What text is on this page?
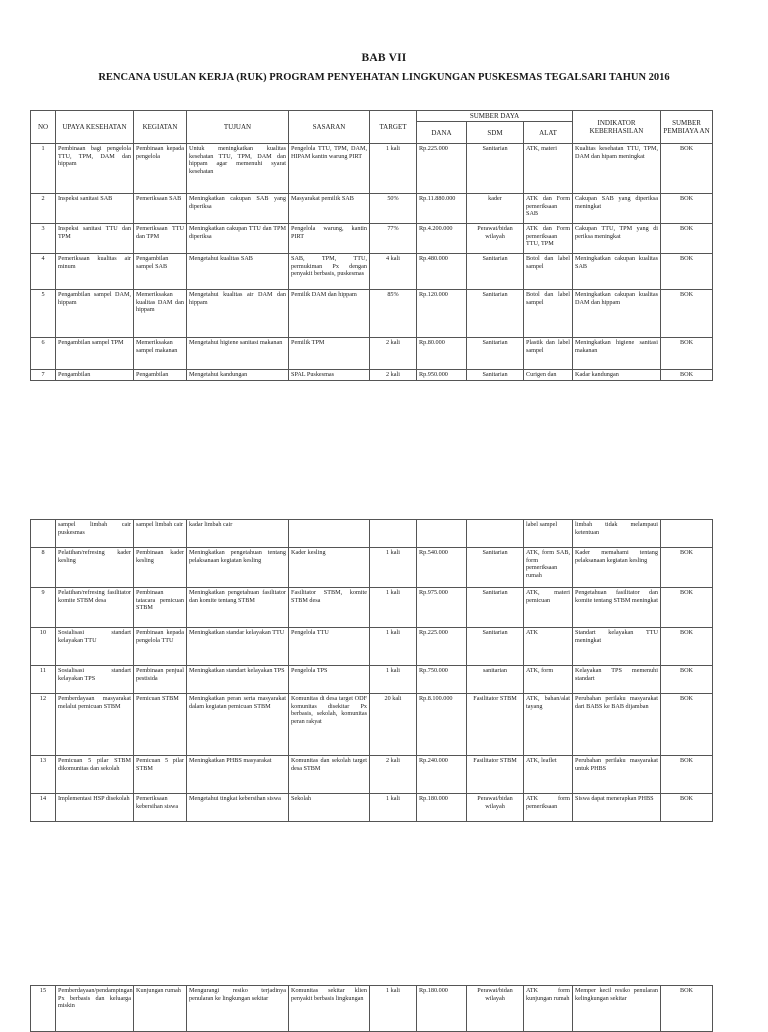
BAB VII
RENCANA USULAN KERJA (RUK) PROGRAM PENYEHATAN LINGKUNGAN PUSKESMAS TEGALSARI TAHUN 2016
NO	UPAYA KESEHATAN	KEGIATAN	TUJUAN	SASARAN	TARGET	SUMBER DAYA			INDIKATOR KEBERHASILAN	SUMBER PEMBIAYA AN
						DANA	SDM	ALAT		
1	Pembinaan bagi pengelola TTU, TPM, DAM dan hippam	Pembinaan kepada pengelola	Untuk meningkatkan kualitas kesehatan TTU, TPM, DAM dan hippam agar memenuhi syarat kesehatan	Pengelola TTU, TPM, DAM, HIPAM kantin warung PIRT	1 kali	Rp.225.000	Sanitarian	ATK, materi	Kualitas kesehatan TTU, TPM, DAM dan hipam meningkat	BOK
2	Inspeksi sanitasi SAB	Pemeriksaan SAB	Meningkatkan cakupan SAB yang diperiksa	Masyarakat pemilik SAB	50%	Rp.11.880.000	kader	ATK dan Form pemeriksaan SAB	Cakupan SAB yang diperiksa meningkat	BOK
3	Inspeksi sanitasi TTU dan TPM	Pemeriksaan TTU dan TPM	Meningkatkan cakupan TTU dan TPM diperiksa	Pengelola warung, kantin PIRT	77%	Rp.4.200.000	Perawat/bidan wilayah	ATK dan Form pemeriksaan TTU, TPM	Cakupan TTU, TPM yang di periksa meningkat	BOK
4	Pemeriksaan kualitas air minum	Pengambilan sampel SAB	Mengetahui kualitas SAB	SAB, TPM, TTU, permukiman Px dengan penyakit berbasis, puskesmas	4 kali	Rp.480.000	Sanitarian	Botol dan label sampel	Meningkatkan cakupan kualitas SAB	BOK
5	Pengambilan sampel DAM, hippam	Memeriksakan kualitas DAM dan hippam	Mengetahui kualitas air DAM dan hippam	Pemilik DAM dan hippam	85%	Rp.120.000	Sanitarian	Botol dan label sampel	Meningkatkan cakupan kualitas DAM dan hippam	BOK
6	Pengambilan sampel TPM	Memeriksakan sampel makanan	Mengetahui higiene sanitasi makanan	Pemilik TPM	2 kali	Rp.80.000	Sanitarian	Plastik dan label sampel	Meningkatkan higiene sanitasi makanan	BOK
7	Pengambilan	Pengambilan	Mengetahui kandungan	SPAL Puskesmas	2 kali	Rp.950.000	Sanitarian	Curigen dan	Kadar kandungan	BOK
	sampel limbah cair puskesmas	sampel limbah cair	kadar limbah cair					label sampel	limbah tidak melampaui ketentuan	
8	Pelatihan/refresing kader kesling	Pembinaan kader kesling	Meningkatkan pengetahuan tentang pelaksanaan kegiatan kesling	Kader kesling	1 kali	Rp.540.000	Sanitarian	ATK, form SAB, form pemeriksaan rumah	Kader memahami tentang pelaksanaan kegiatan kesling	BOK
9	Pelatihan/refresing fasilitator komite STBM desa	Pembinaan tatacara pemicuan STBM	Meningkatkan pengetahuan fasilitator dan komite tentang STBM	Fasilitator STBM, komite STBM desa	1 kali	Rp.975.000	Sanitarian	ATK, materi pemicuan	Pengetahuan fasilitator dan komite tentang STBM meningkat	BOK
10	Sosialisasi standart kelayakan TTU	Pembinaan kepada pengelola TTU	Meningkatkan standar kelayakan TTU	Pengelola TTU	1 kali	Rp.225.000	Sanitarian	ATK	Standart kelayakan TTU meningkat	BOK
11	Sosialisasi standart kelayakan TPS	Pembinaan penjual pestisida	Meningkatkan standart kelayakan TPS	Pengelola TPS	1 kali	Rp.750.000	sanitarian	ATK, form	Kelayakan TPS memenuhi standart	BOK
12	Pemberdayaan masyarakat melalui pemicuan STBM	Pemicuan STBM	Meningkatkan peran serta masyarakat dalam kegiatan pemicuan STBM	Komunitas di desa target ODF komunitas disekitar Px berbasis, sekolah, komunitas peran rakyat	20 kali	Rp.8.100.000	Fasilitator STBM	ATK, bahan/alat tayang	Perubahan perilaku masyarakat dari BABS ke BAB dijamban	BOK
13	Pemicuan 5 pilar STBM dikomunitas dan sekolah	Pemicuan 5 pilar STBM	Meningkatkan PHBS masyarakat	Komunitas dan sekolah target desa STBM	2 kali	Rp.240.000	Fasilitator STBM	ATK, leaflet	Perubahan perilaku masyarakat untuk PHBS	BOK
14	Implementasi HSP disekolah	Pemeriksaan kebersihan siswa	Mengetahui tingkat kebersihan siswa	Sekolah	1 kali	Rp.180.000	Perawat/bidan wilayah	ATK form pemeriksaan	Siswa dapat menerapkan PHBS	BOK
15	Pemberdayaan/pendampingan Px berbasis dan keluarga miskin	Kunjungan rumah	Mengurangi resiko terjadinya penularan ke lingkungan sekitar	Komunitas sekitar klien penyakit berbasis lingkungan	1 kali	Rp.180.000	Perawat/bidan wilayah	ATK form kunjungan rumah	Memper kecil resiko penularan kelingkungan sekitar	BOK
